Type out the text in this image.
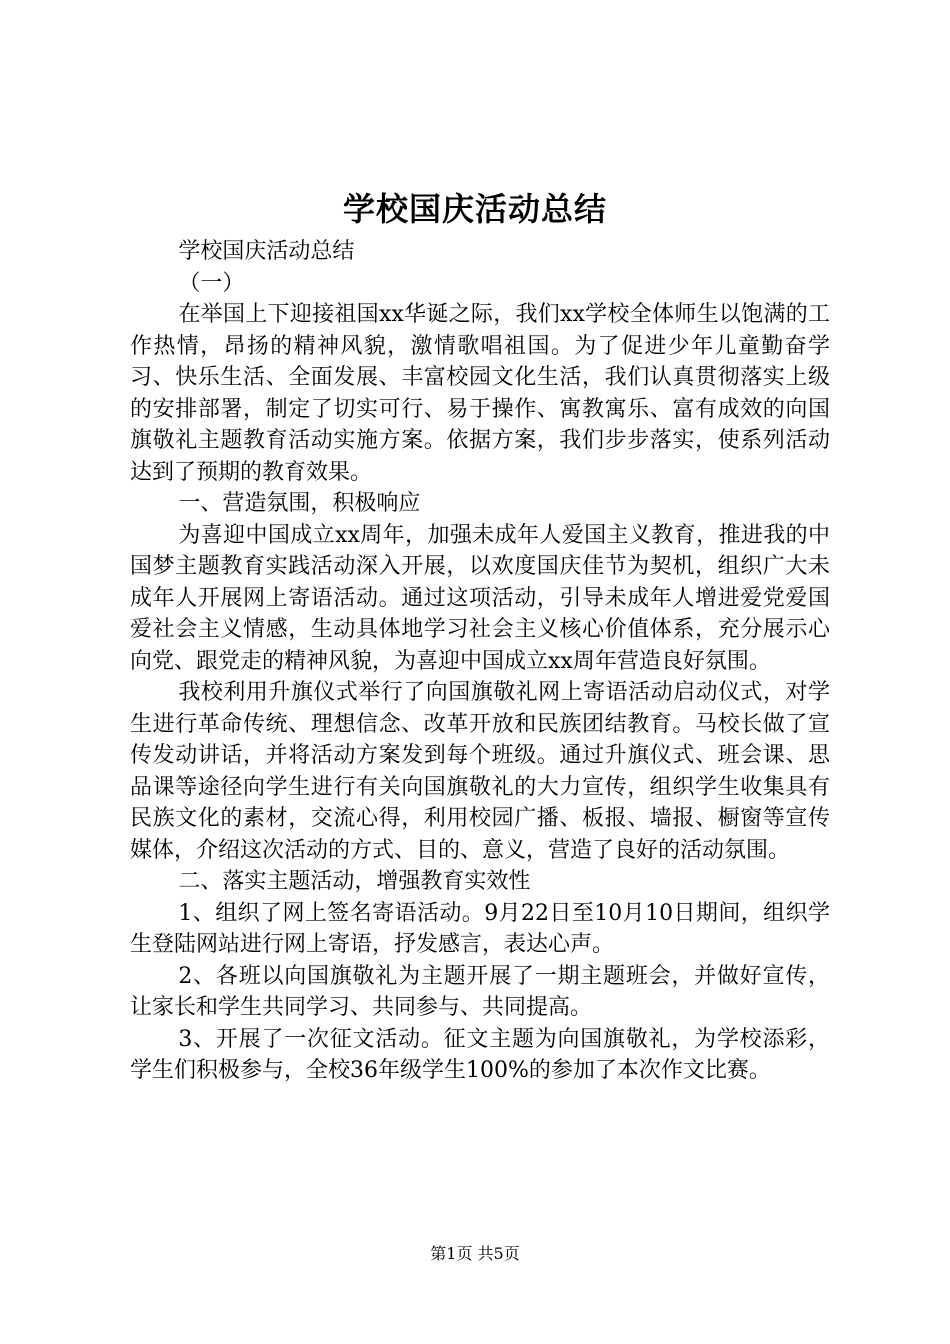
学校国庆活动总结

学校国庆活动总结

（一）

在举国上下迎接祖国xx华诞之际，我们xx学校全体师生以饱满的工作热情，昂扬的精神风貌，激情歌唱祖国。为了促进少年儿童勤奋学习、快乐生活、全面发展、丰富校园文化生活，我们认真贯彻落实上级的安排部署，制定了切实可行、易于操作、寓教寓乐、富有成效的向国旗敬礼主题教育活动实施方案。依据方案，我们步步落实，使系列活动达到了预期的教育效果。

一、营造氛围，积极响应

为喜迎中国成立xx周年，加强未成年人爱国主义教育，推进我的中国梦主题教育实践活动深入开展，以欢度国庆佳节为契机，组织广大未成年人开展网上寄语活动。通过这项活动，引导未成年人增进爱党爱国爱社会主义情感，生动具体地学习社会主义核心价值体系，充分展示心向党、跟党走的精神风貌，为喜迎中国成立xx周年营造良好氛围。

我校利用升旗仪式举行了向国旗敬礼网上寄语活动启动仪式，对学生进行革命传统、理想信念、改革开放和民族团结教育。马校长做了宣传发动讲话，并将活动方案发到每个班级。通过升旗仪式、班会课、思品课等途径向学生进行有关向国旗敬礼的大力宣传，组织学生收集具有民族文化的素材，交流心得，利用校园广播、板报、墙报、橱窗等宣传媒体，介绍这次活动的方式、目的、意义，营造了良好的活动氛围。

二、落实主题活动，增强教育实效性

1、组织了网上签名寄语活动。9月22日至10月10日期间，组织学生登陆网站进行网上寄语，抒发感言，表达心声。

2、各班以向国旗敬礼为主题开展了一期主题班会，并做好宣传，让家长和学生共同学习、共同参与、共同提高。

3、开展了一次征文活动。征文主题为向国旗敬礼，为学校添彩，学生们积极参与，全校36年级学生100%的参加了本次作文比赛。

第1页 共5页
